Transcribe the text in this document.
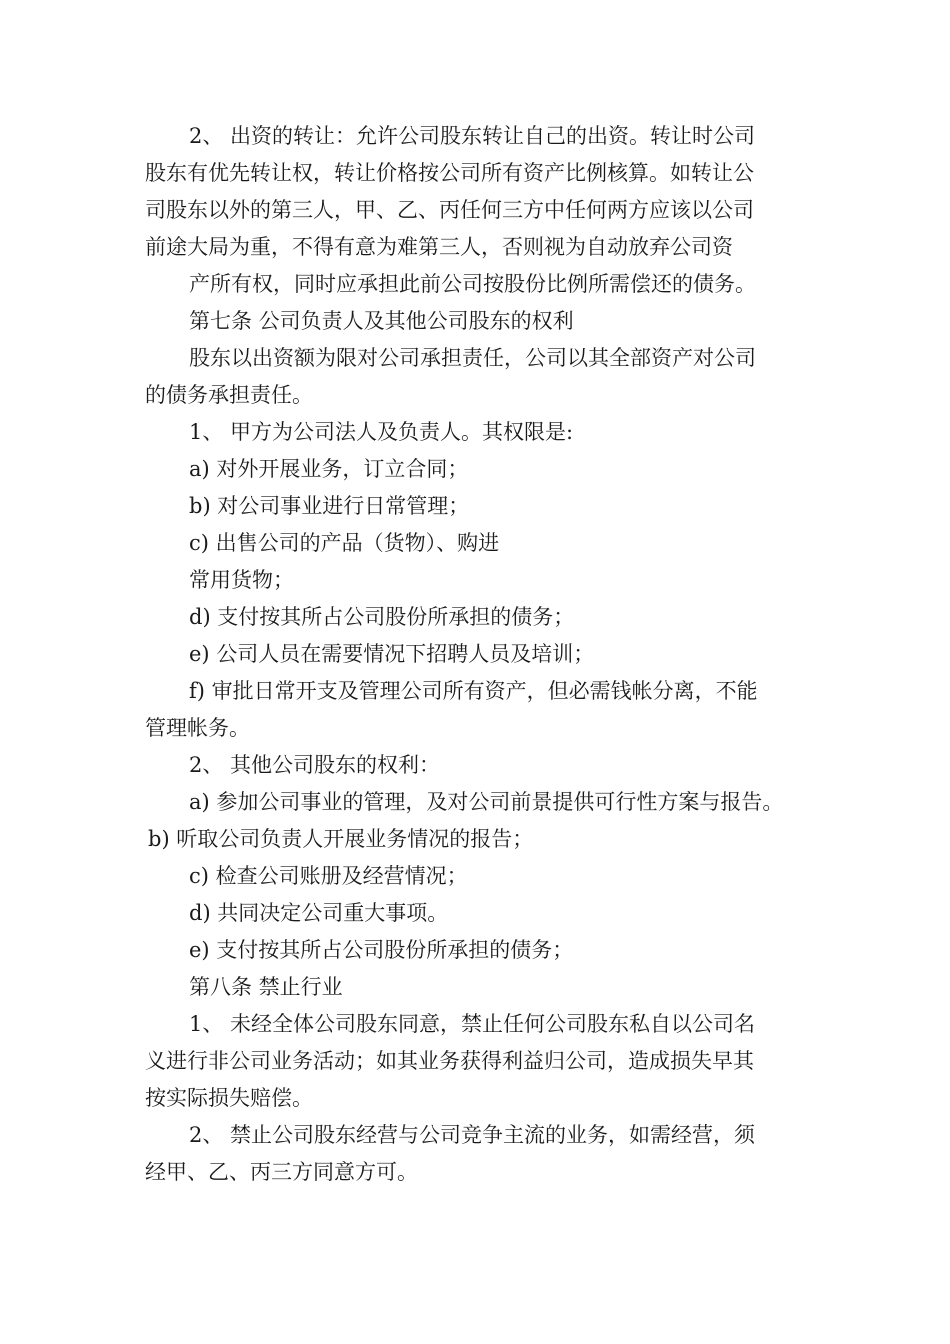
2、 出资的转让：允许公司股东转让自己的出资。转让时公司
股东有优先转让权，转让价格按公司所有资产比例核算。如转让公
司股东以外的第三人，甲、乙、丙任何三方中任何两方应该以公司
前途大局为重，不得有意为难第三人，否则视为自动放弃公司资
产所有权，同时应承担此前公司按股份比例所需偿还的债务。
第七条 公司负责人及其他公司股东的权利
股东以出资额为限对公司承担责任，公司以其全部资产对公司
的债务承担责任。
1、 甲方为公司法人及负责人。其权限是:
a) 对外开展业务，订立合同；
b) 对公司事业进行日常管理；
c) 出售公司的产品（货物）、购进
常用货物；
d) 支付按其所占公司股份所承担的债务；
e) 公司人员在需要情况下招聘人员及培训；
f) 审批日常开支及管理公司所有资产，但必需钱帐分离，不能
管理帐务。
2、 其他公司股东的权利：
a) 参加公司事业的管理，及对公司前景提供可行性方案与报告。
b) 听取公司负责人开展业务情况的报告；
c) 检查公司账册及经营情况；
d) 共同决定公司重大事项。
e) 支付按其所占公司股份所承担的债务；
第八条 禁止行业
1、 未经全体公司股东同意，禁止任何公司股东私自以公司名
义进行非公司业务活动；如其业务获得利益归公司，造成损失早其
按实际损失赔偿。
2、 禁止公司股东经营与公司竞争主流的业务，如需经营，须
经甲、乙、丙三方同意方可。
